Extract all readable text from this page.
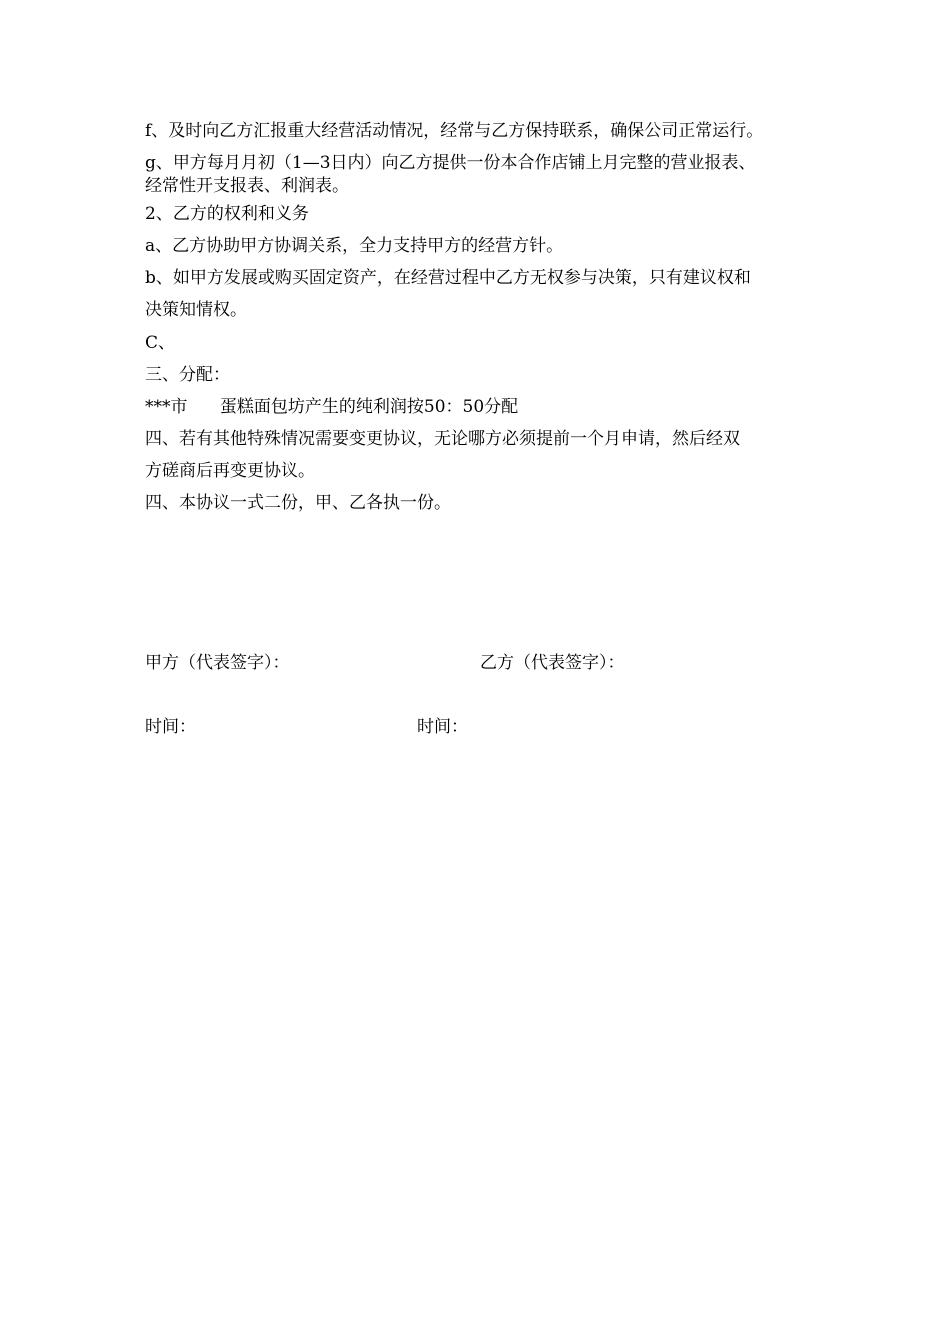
f、及时向乙方汇报重大经营活动情况，经常与乙方保持联系，确保公司正常运行。
g、甲方每月月初（1—3日内）向乙方提供一份本合作店铺上月完整的营业报表、
经常性开支报表、利润表。
2、乙方的权利和义务
a、乙方协助甲方协调关系，全力支持甲方的经营方针。
b、如甲方发展或购买固定资产，在经营过程中乙方无权参与决策，只有建议权和
决策知情权。
C、
三、分配：
***市      蛋糕面包坊产生的纯利润按50：50分配
四、若有其他特殊情况需要变更协议，无论哪方必须提前一个月申请，然后经双
方磋商后再变更协议。
四、本协议一式二份，甲、乙各执一份。
甲方（代表签字）：	乙方（代表签字）：
时间：	时间：
